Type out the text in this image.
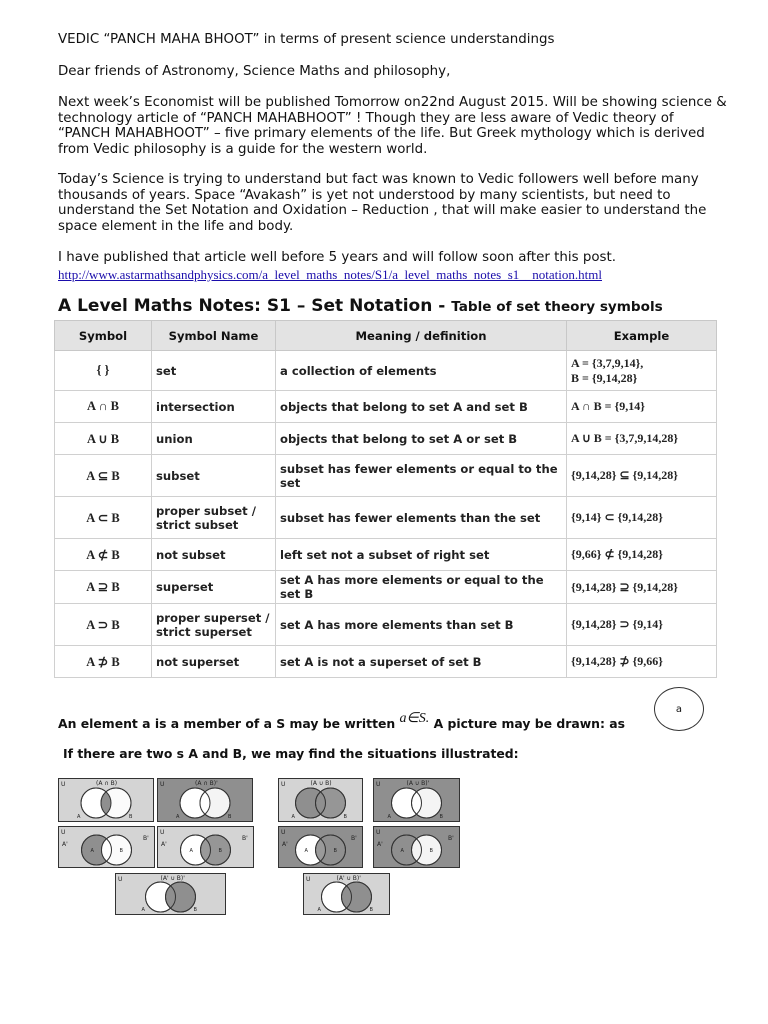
VEDIC “PANCH MAHA BHOOT” in terms of present science understandings

Dear friends of Astronomy, Science Maths and philosophy,

Next week’s Economist will be published Tomorrow on22nd August 2015. Will be showing science & technology article of “PANCH MAHABHOOT” ! Though they are less aware of Vedic theory of “PANCH MAHABHOOT” – five primary elements of the life. But Greek mythology which is derived from Vedic philosophy is a guide for the western world.

Today’s Science is trying to understand but fact was known to Vedic followers well before many thousands of years. Space “Avakash” is yet not understood by many scientists, but need to understand the Set Notation and Oxidation – Reduction , that will make easier to understand the space element in the life and body.

I have published that article well before 5 years and will follow soon after this post.

http://www.astarmathsandphysics.com/a_level_maths_notes/S1/a_level_maths_notes_s1__notation.html
A Level Maths Notes: S1 – Set Notation - Table of set theory symbols
Symbol	Symbol Name	Meaning / definition	Example
{ }	set	a collection of elements	A = {3,7,9,14},
B = {9,14,28}
A ∩ B	intersection	objects that belong to set A and set B	A ∩ B = {9,14}
A ∪ B	union	objects that belong to set A or set B	A ∪ B = {3,7,9,14,28}
A ⊆ B	subset	subset has fewer elements or equal to the set	{9,14,28} ⊆ {9,14,28}
A ⊂ B	proper subset /
strict subset	subset has fewer elements than the set	{9,14} ⊂ {9,14,28}
A ⊄ B	not subset	left set not a subset of right set	{9,66} ⊄ {9,14,28}
A ⊇ B	superset	set A has more elements or equal to the set B	{9,14,28} ⊇ {9,14,28}
A ⊃ B	proper superset /
strict superset	set A has more elements than set B	{9,14,28} ⊃ {9,14}
A ⊅ B	not superset	set A is not a superset of set B	{9,14,28} ⊅ {9,66}
An element a is a member of a S may be written a∈S. A picture may be drawn: as
a
If there are two s A and B, we may find the situations illustrated:
U
A	B
(A ∩ B)	U
A	B
(A ∩ B)'	U
A	B
(A ∪ B)	U
A	B
(A ∪ B)'
U
A'
B'
A	B
U
A'
B'
A	B
U
A'
B'
A	B
U
A'
B'
A	B
U
A	B
(A' ∪ B)'	U
A	B
(A' ∪ B)'
